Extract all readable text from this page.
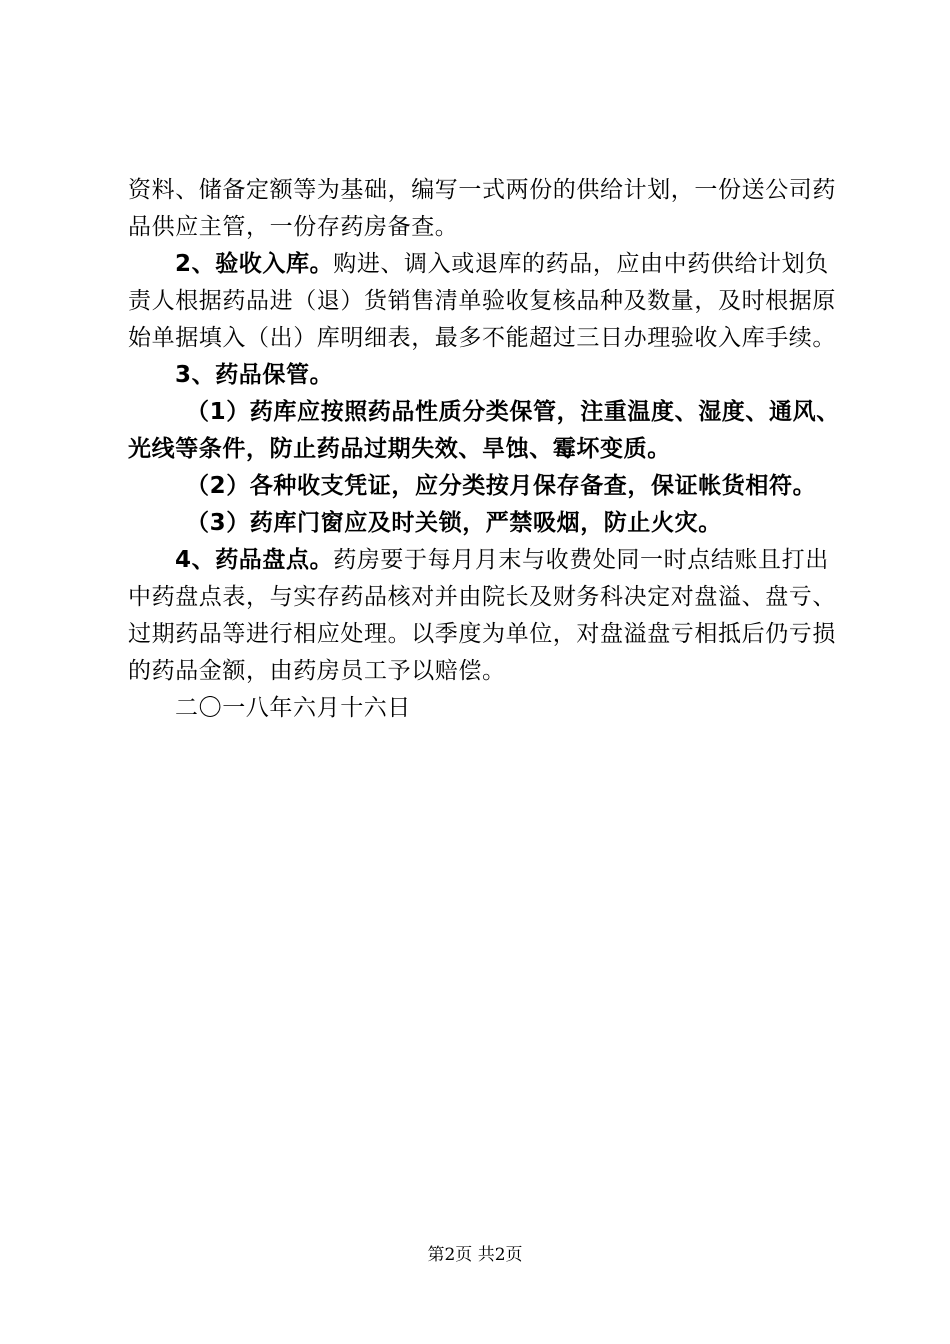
资料、储备定额等为基础，编写一式两份的供给计划，一份送公司药品供应主管，一份存药房备查。

2、验收入库。购进、调入或退库的药品，应由中药供给计划负责人根据药品进（退）货销售清单验收复核品种及数量，及时根据原始单据填入（出）库明细表，最多不能超过三日办理验收入库手续。

3、药品保管。

（1）药库应按照药品性质分类保管，注重温度、湿度、通风、光线等条件，防止药品过期失效、旱蚀、霉坏变质。

（2）各种收支凭证，应分类按月保存备查，保证帐货相符。

（3）药库门窗应及时关锁，严禁吸烟，防止火灾。

4、药品盘点。药房要于每月月末与收费处同一时点结账且打出中药盘点表，与实存药品核对并由院长及财务科决定对盘溢、盘亏、过期药品等进行相应处理。以季度为单位，对盘溢盘亏相抵后仍亏损的药品金额，由药房员工予以赔偿。

二〇一八年六月十六日

第2页 共2页
